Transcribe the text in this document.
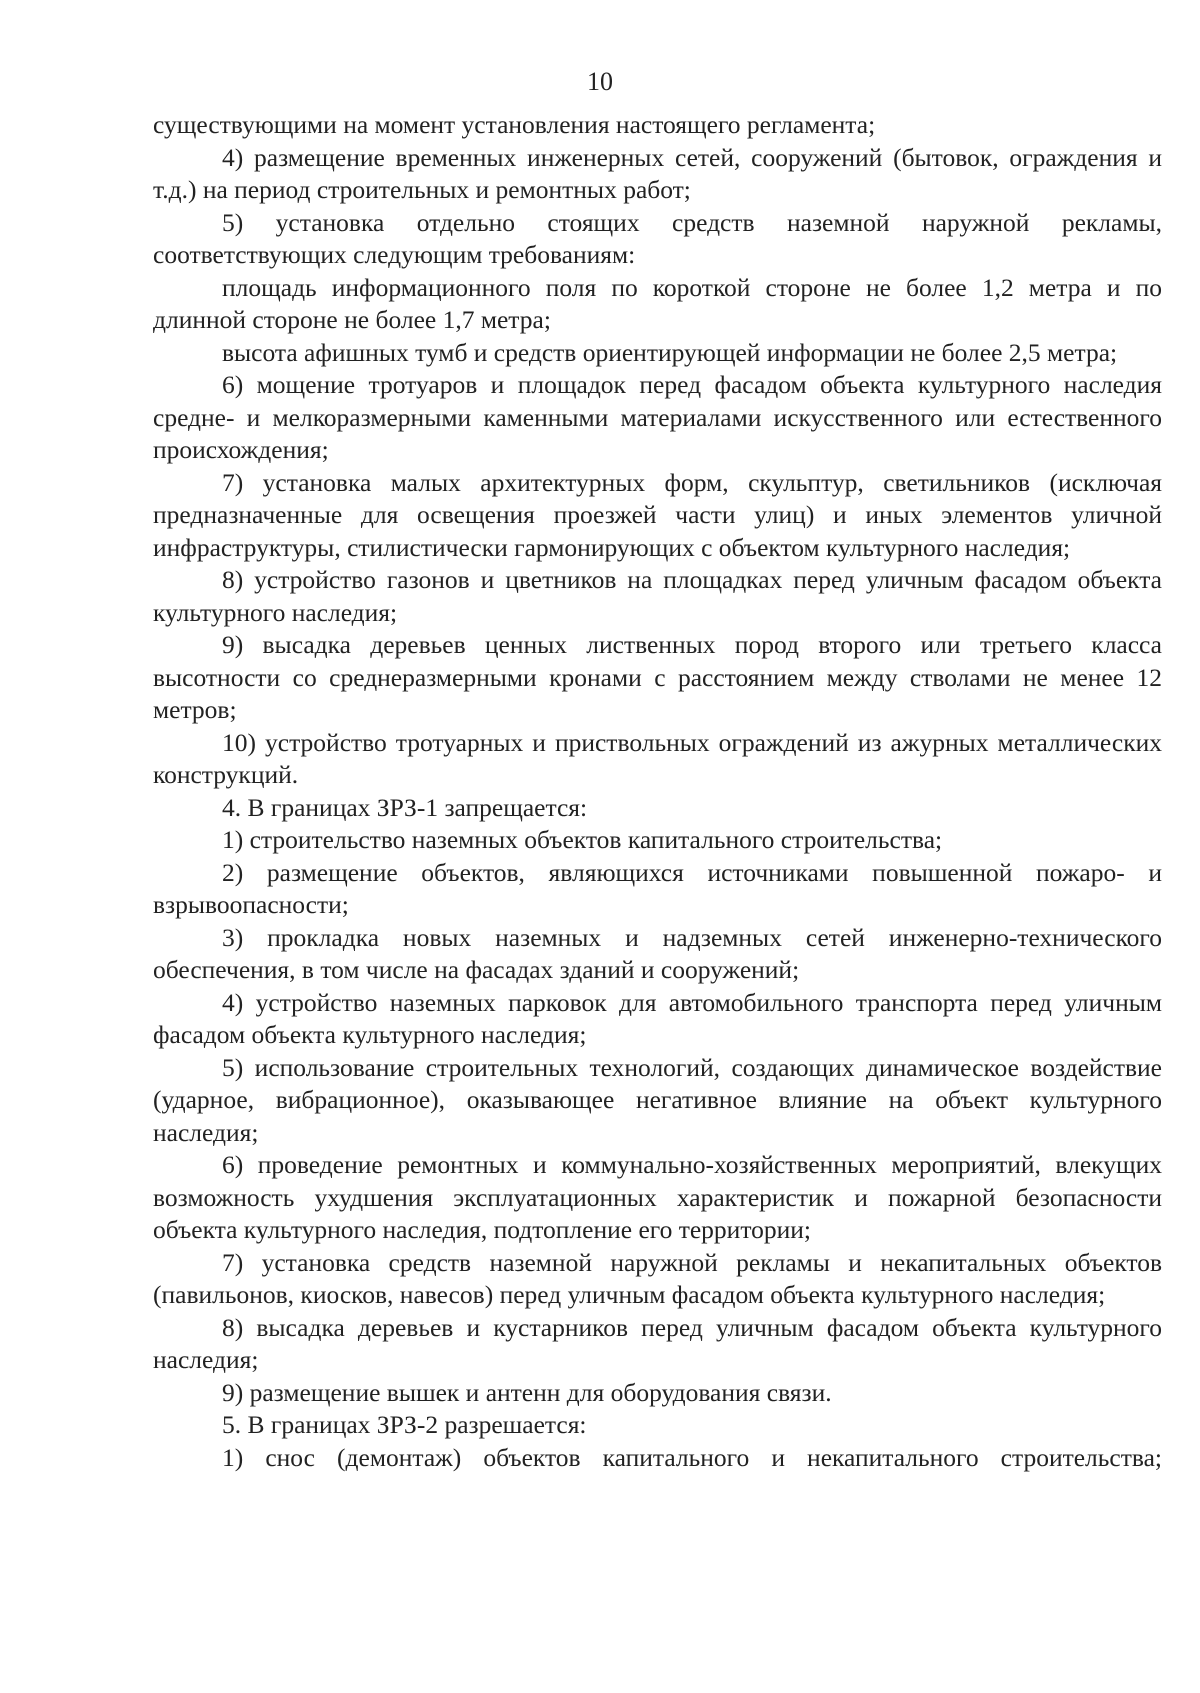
10

существующими на момент установления настоящего регламента;

4) размещение временных инженерных сетей, сооружений (бытовок, ограждения и т.д.) на период строительных и ремонтных работ;

5) установка отдельно стоящих средств наземной наружной рекламы, соответствующих следующим требованиям:

площадь информационного поля по короткой стороне не более 1,2 метра и по длинной стороне не более 1,7 метра;

высота афишных тумб и средств ориентирующей информации не более 2,5 метра;

6) мощение тротуаров и площадок перед фасадом объекта культурного наследия средне- и мелкоразмерными каменными материалами искусственного или естественного происхождения;

7) установка малых архитектурных форм, скульптур, светильников (исключая предназначенные для освещения проезжей части улиц) и иных элементов уличной инфраструктуры, стилистически гармонирующих с объектом культурного наследия;

8) устройство газонов и цветников на площадках перед уличным фасадом объекта культурного наследия;

9) высадка деревьев ценных лиственных пород второго или третьего класса высотности со среднеразмерными кронами с расстоянием между стволами не менее 12 метров;

10) устройство тротуарных и приствольных ограждений из ажурных металлических конструкций.

4. В границах ЗРЗ-1 запрещается:

1) строительство наземных объектов капитального строительства;

2) размещение объектов, являющихся источниками повышенной пожаро- и взрывоопасности;

3) прокладка новых наземных и надземных сетей инженерно-технического обеспечения, в том числе на фасадах зданий и сооружений;

4) устройство наземных парковок для автомобильного транспорта перед уличным фасадом объекта культурного наследия;

5) использование строительных технологий, создающих динамическое воздействие (ударное, вибрационное), оказывающее негативное влияние на объект культурного наследия;

6) проведение ремонтных и коммунально-хозяйственных мероприятий, влекущих возможность ухудшения эксплуатационных характеристик и пожарной безопасности объекта культурного наследия, подтопление его территории;

7) установка средств наземной наружной рекламы и некапитальных объектов (павильонов, киосков, навесов) перед уличным фасадом объекта культурного наследия;

8) высадка деревьев и кустарников перед уличным фасадом объекта культурного наследия;

9) размещение вышек и антенн для оборудования связи.

5. В границах ЗРЗ-2 разрешается:

1) снос (демонтаж) объектов капитального и некапитального строительства;
